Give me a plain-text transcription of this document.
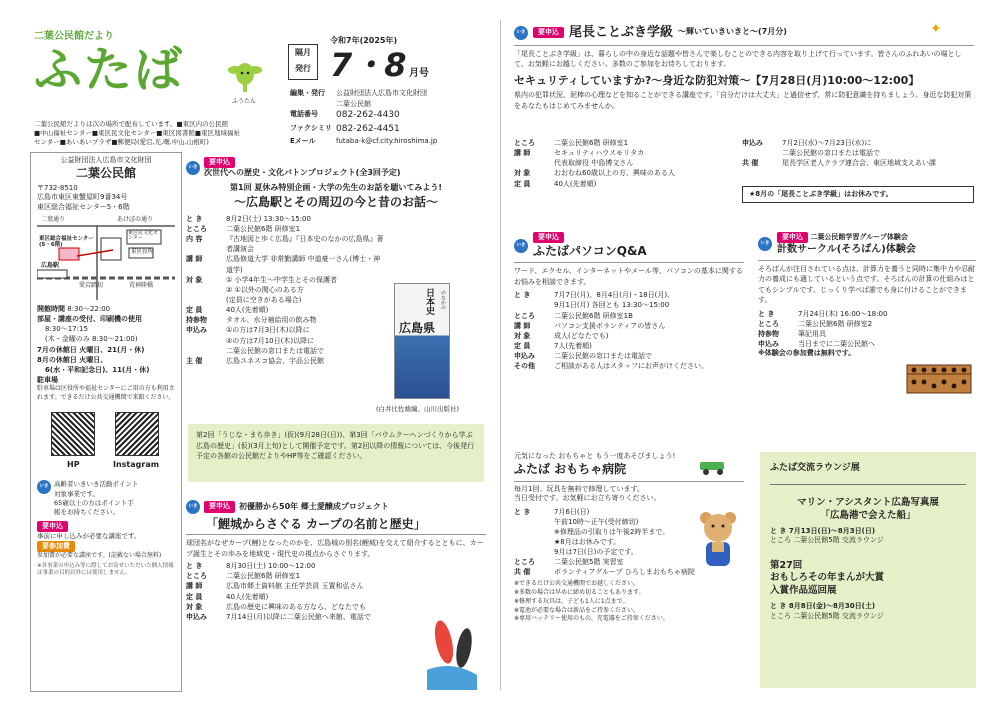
二葉公民館だより
ふたば
ふうたん
隔月
発行
令和7年(2025年)
7・8 月号
編集・発行	公益財団法人広島市文化財団
二葉公民館
電話番号	082-262-4430
ファクシミリ 082-262-4451
Eメール	futaba-k@cf.city.hiroshima.jp
二葉公民館だよりは次の場所で配布しています。■東区内の公民館
■中山福祉センター■東区民文化センター■東区図書館■東区地域福祉
センター■あいあいプラザ■郵便局(愛宕,光,曙,中山,山根町)
公益財団法人広島市文化財団
二葉公民館
〒732-8510
広島市東区東蟹屋町9番34号
東区総合福祉センター5・6階
二葉通り	あけぼの通り
東区民文化センター
東区総合福祉センター(5・6階)
東区役所
広島駅
愛宕踏切	荒神陸橋
開館時間 8:30～22:00
部屋・講座の受付、印刷機の使用
8:30～17:15
(木・金曜のみ 8:30～21:00)
7月の休館日 火曜日、21(月・休)
8月の休館日 火曜日、
6(水・平和記念日)、11(月・休)
駐車場
駐車場は区役所や福祉センターにご用の方も利用されます。できるだけ公共交通機関で来館ください。
HP	Instagram
いき 高齢者いきいき活動ポイント
対象事業です。
65歳以上の方はポイント手
帳をお持ちください。
要申込
事前に申し込みが必要な講座です。
要参加費
参加費が必要な講座です。(記載ない場合無料)
※各事業の申込み等に際してお寄せいただいた個人情報は事業の目的以外には使用しません。
いき
要申込
次世代への歴史・文化バトンプロジェクト(全3回予定)
第1回 夏休み特別企画・大学の先生のお話を聴いてみよう!
～広島駅とその周辺の今と昔のお話～
と き	8月2日(土) 13:30～15:00
ところ	二葉公民館6階 研修室1
内 容	『古地図と歩く広島』『日本史のなかの広島県』著者講演会
講 師	広島修道大学 非常勤講師 中道豪一さん(博士・神道学)
対 象	① 小学4年生～中学生とその保護者
② ①以外の関心のある方
(定員に空きがある場合)
定 員	40人(先着順)
持参物	タオル、水分補給用の飲み物
申込み	①の方は7月3日(木)以降に
②の方は7月10日(木)以降に
二葉公民館の窓口または電話で
主 催	広島ユネスコ協会、宇品公民館
日本史 のなかの
広島県
(白井比佐雄編、山川出版社)
第2回「うじな・まち歩き」(仮)(9月28日(日))、第3回「バウムクーヘンづくりから学ぶ広島の歴史」(仮)(3月上旬)として開催予定です。第2回以降の情報については、今後発行予定の各館の公民館だよりやHP等をご確認ください。
いき	要申込	初優勝から50年 郷土愛醸成プロジェクト
「鯉城からさぐる カープの名前と歴史」
球団名がなぜカープ(鯉)となったのかを、広島城の別名(鯉城)を交えて紹介するとともに、カープ誕生とその歩みを地域史・現代史の視点からさぐります。
と き	8月30日(土) 10:00～12:00
ところ	二葉公民館6階 研修室1
講 師	広島市郷土資料館 主任学芸員 玉置和弘さん
定 員	40人(先着順)
対 象	広島の歴史に興味のある方なら、どなたでも
申込み	7月14日(月)以降に二葉公民館へ来館、電話で
いき	要申込 尾長ことぶき学級 ～輝いていきいきと～(7月分)
「尾長ことぶき学級」は、暮らしの中の身近な話題や皆さんで楽しむことのできる内容を取り上げて行っています。皆さんのふれあいの場として、お気軽にお越しください。多数のご参加をお待ちしております。
セキュリティしていますか?～身近な防犯対策～【7月28日(月)10:00～12:00】
県内の犯罪状況、泥棒の心理などを知ることができる講座です。「自分だけは大丈夫」と過信せず、常に防犯意識を持ちましょう。身近な防犯対策をあなたもはじめてみませんか。
✦
ところ	二葉公民館6階 研修室1
講 師	セキュリティハウスモリタカ
代表取締役 中島博文さん
対 象	おおむね60歳以上の方、興味のある人
定 員	40人(先着順)
申込み	7月2日(水)～7月23日(水)に
二葉公民館の窓口または電話で
共 催	尾長学区老人クラブ連合会、東区地域支えあい課
★8月の「尾長ことぶき学級」はお休みです。
いき
要申込
ふたばパソコンQ&A
ワード、エクセル、インターネットやメール等、パソコンの基本に関するお悩みを相談できます。
と き	7月7日(月)、8月4日(月)・18日(月)、
9月1日(月) 各回とも 13:30～15:00
ところ	二葉公民館6階 研修室1B
講 師	パソコン支援ボランティアの皆さん
対 象	成人(どなたでも)
定 員	7人(先着順)
申込み	二葉公民館の窓口または電話で
その他	ご相談がある人はスタッフにお声がけください。
元気になった おもちゃと もう一度あそびましょう!
ふたば おもちゃ病院
毎月1回、玩具を無料で修理しています。
当日受付です。お気軽にお立ち寄りください。
と き	7月6日(日)
午前10時～正午(受付締切)
※修理品の引取りは午後2時半まで。
★8月はお休みです。
9月は7日(日)の予定です。
ところ	二葉公民館5階 実習室
共 催	ボランティアグループ ひろしまおもちゃ病院
※できるだけ公共交通機関でお越しください。
※多数の場合は早めに締め切ることもあります。
※修理する玩具は、子ども1人に1点まで。
※電池が必要な場合は新品をご持参ください。
※専用バッテリー使用のもの、充電器をご持参ください。
いき
要申込 二葉公民館学習グループ体験会
計数サークル(そろばん)体験会
そろばんが注目されている点は、計算力を養うと同時に集中力や忍耐力の養成にも適しているという点です。そろばんの計算の仕組みはとてもシンプルです。じっくり学べば誰でも身に付けることができます。
と き	7月24日(木) 16:00～18:00
ところ	二葉公民館6階 研修室2
持参物	筆記用具
申込み	当日までに二葉公民館へ
※体験会の参加費は無料です。
ふたば交流ラウンジ展
マリン・アシスタント広島写真展
「広島港で会えた船」
と き 7月13日(日)～8月3日(日)
ところ 二葉公民館5階 交流ラウンジ
第27回
おもしろその年まんが大賞
入賞作品巡回展
と き 8月8日(金)～8月30日(土)
ところ 二葉公民館5階 交流ラウンジ
